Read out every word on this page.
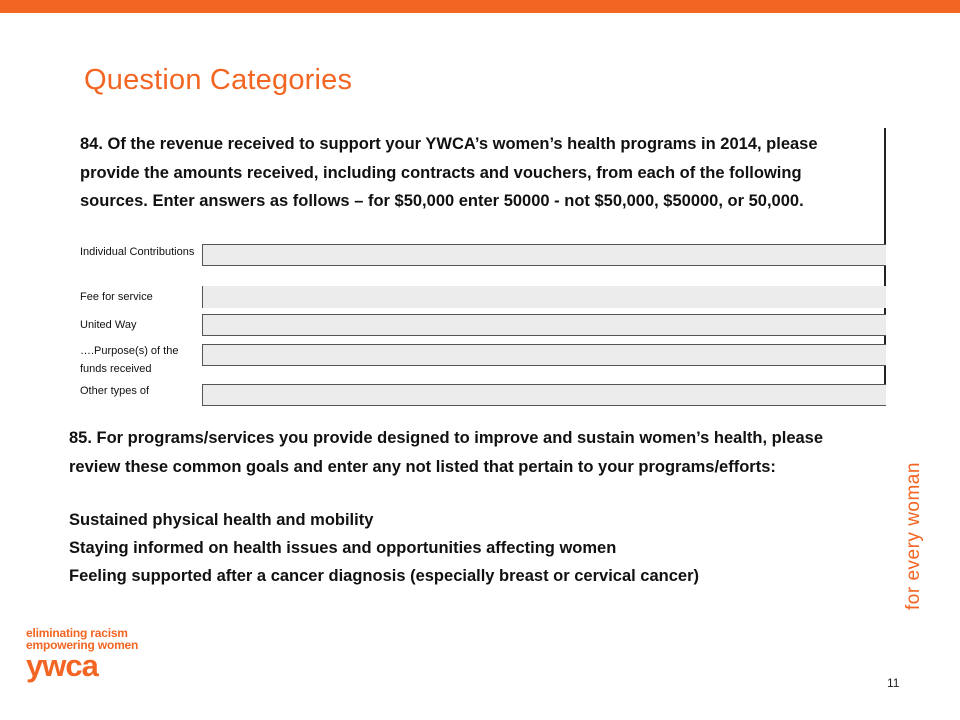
Question Categories
84. Of the revenue received to support your YWCA’s women’s health programs in 2014, please provide the amounts received, including contracts and vouchers, from each of the following sources. Enter answers as follows – for $50,000 enter 50000 - not $50,000, $50000, or 50,000.
Individual Contributions
Fee for service
United Way
….Purpose(s) of the funds received
Other types of
85. For programs/services you provide designed to improve and sustain women’s health, please review these common goals and enter any not listed that pertain to your programs/efforts:
Sustained physical health and mobility
Staying informed on health issues and opportunities affecting women
Feeling supported after a cancer diagnosis (especially breast or cervical cancer)	for every woman
eliminating racism
empowering women
ywca	11
